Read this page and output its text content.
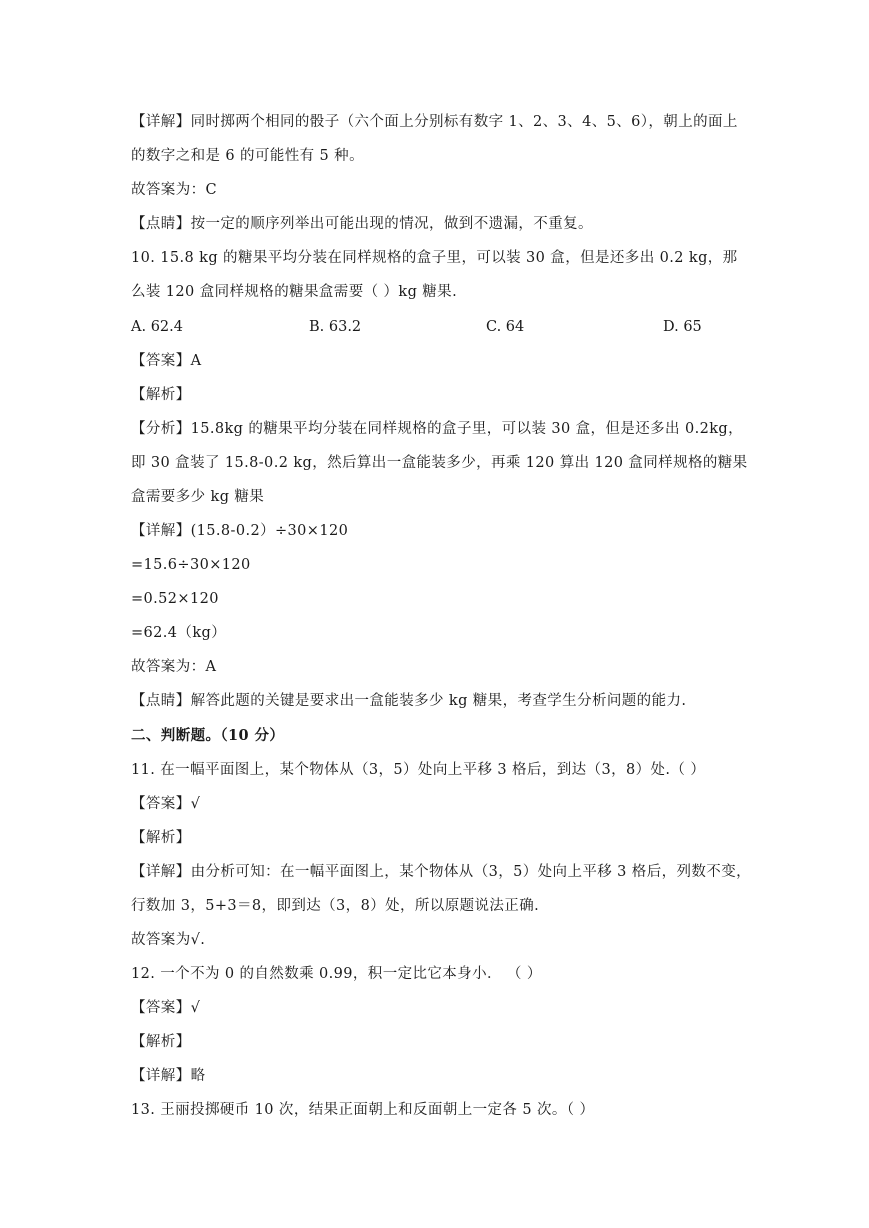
【详解】同时掷两个相同的骰子（六个面上分别标有数字 1、2、3、4、5、6），朝上的面上
的数字之和是 6 的可能性有 5 种。
故答案为：C
【点睛】按一定的顺序列举出可能出现的情况，做到不遗漏，不重复。
10. 15.8 kg 的糖果平均分装在同样规格的盒子里，可以装 30 盒，但是还多出 0.2 kg，那
么装 120 盒同样规格的糖果盒需要（ ）kg 糖果.
A. 62.4	B. 63.2	C. 64	D. 65
【答案】A
【解析】
【分析】15.8kg 的糖果平均分装在同样规格的盒子里，可以装 30 盒，但是还多出 0.2kg，
即 30 盒装了 15.8-0.2 kg，然后算出一盒能装多少，再乘 120 算出 120 盒同样规格的糖果
盒需要多少 kg 糖果
【详解】(15.8-0.2）÷30×120
=15.6÷30×120
=0.52×120
=62.4（kg）
故答案为：A
【点睛】解答此题的关键是要求出一盒能装多少 kg 糖果，考查学生分析问题的能力.
二、判断题。（10 分）
11. 在一幅平面图上，某个物体从（3，5）处向上平移 3 格后，到达（3，8）处.（ ）
【答案】√
【解析】
【详解】由分析可知：在一幅平面图上，某个物体从（3，5）处向上平移 3 格后，列数不变，
行数加 3，5+3＝8，即到达（3，8）处，所以原题说法正确.
故答案为√.
12. 一个不为 0 的自然数乘 0.99，积一定比它本身小． （ ）
【答案】√
【解析】
【详解】略
13. 王丽投掷硬币 10 次，结果正面朝上和反面朝上一定各 5 次。（ ）
